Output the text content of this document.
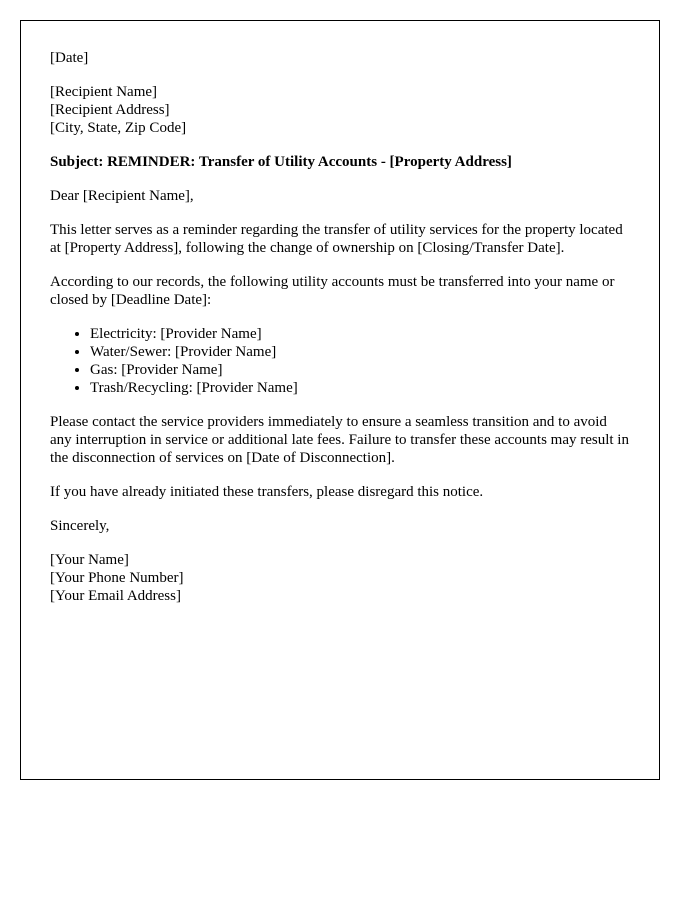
[Date]
[Recipient Name]
[Recipient Address]
[City, State, Zip Code]

Subject: REMINDER: Transfer of Utility Accounts - [Property Address]

Dear [Recipient Name],

This letter serves as a reminder regarding the transfer of utility services for the property located at [Property Address], following the change of ownership on [Closing/Transfer Date].

According to our records, the following utility accounts must be transferred into your name or closed by [Deadline Date]:

• Electricity: [Provider Name]
• Water/Sewer: [Provider Name]
• Gas: [Provider Name]
• Trash/Recycling: [Provider Name]

Please contact the service providers immediately to ensure a seamless transition and to avoid any interruption in service or additional late fees. Failure to transfer these accounts may result in the disconnection of services on [Date of Disconnection].

If you have already initiated these transfers, please disregard this notice.

Sincerely,

[Your Name]
[Your Phone Number]
[Your Email Address]
